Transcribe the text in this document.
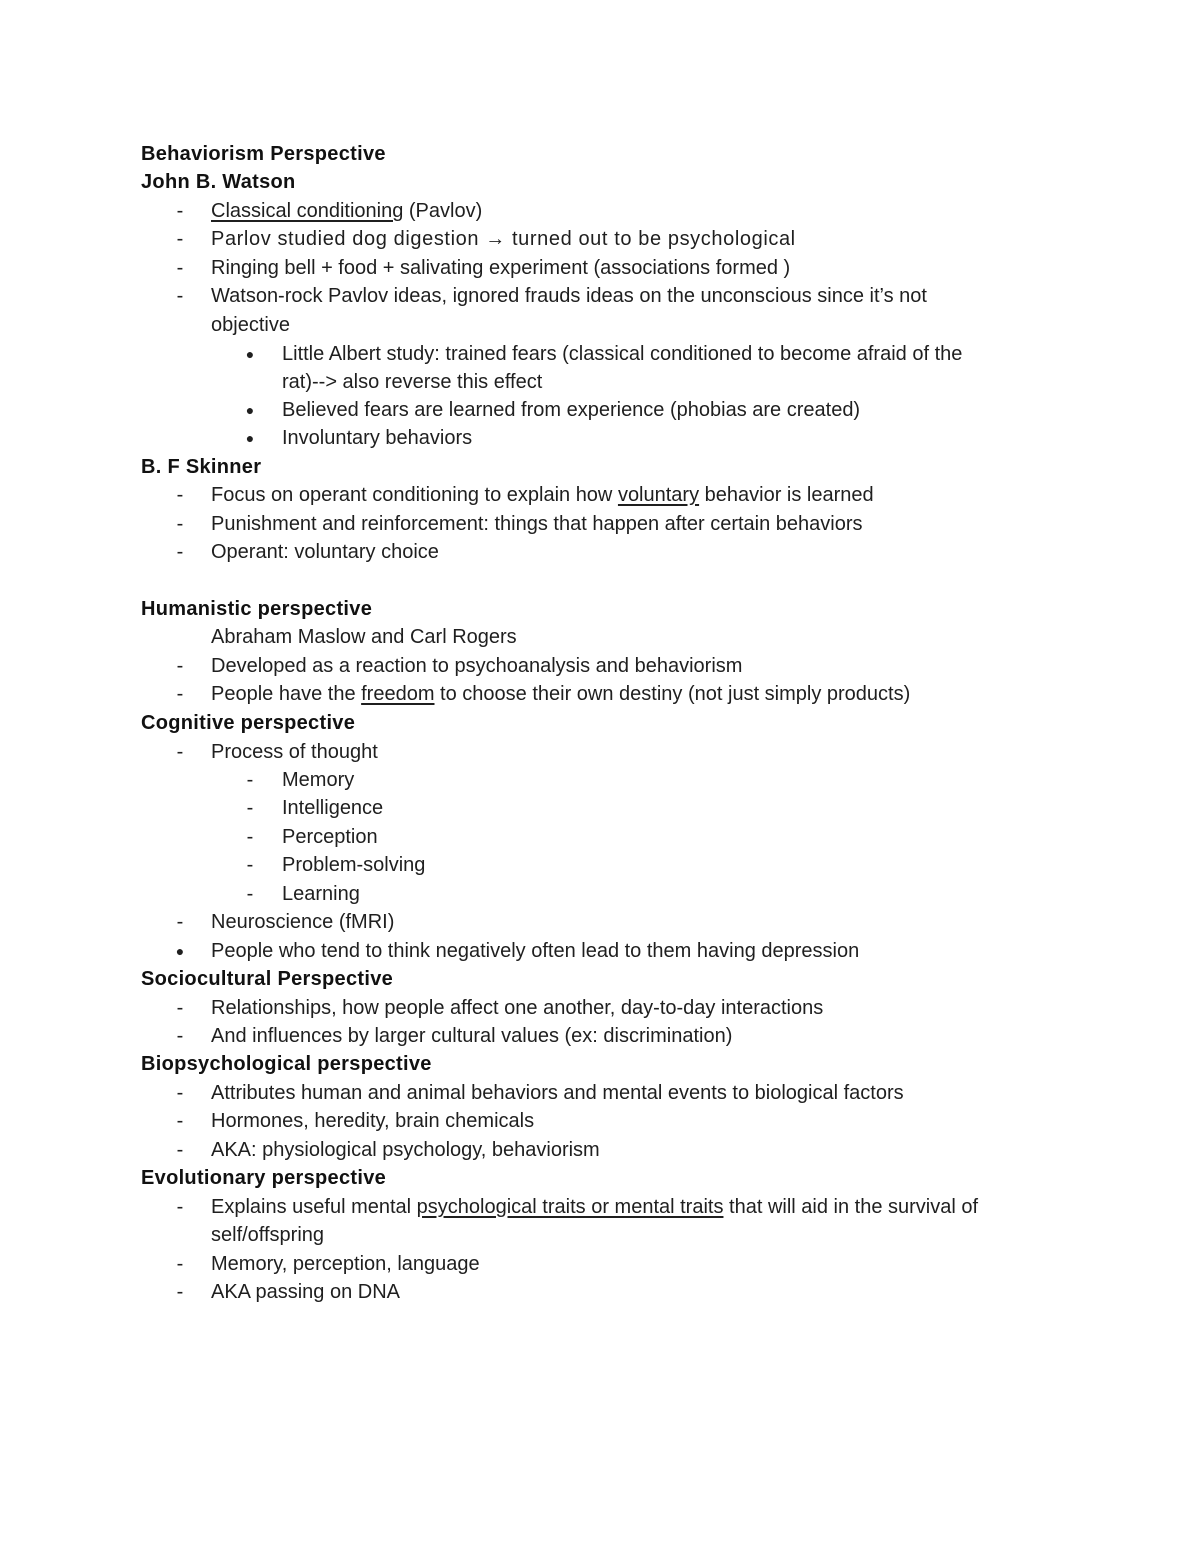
Behaviorism Perspective
John B. Watson
-	Classical conditioning (Pavlov)
-	Parlov studied dog digestion → turned out to be psychological
-	Ringing bell + food + salivating experiment (associations formed )
-	Watson-rock Pavlov ideas, ignored frauds ideas on the unconscious since it’s not
objective
● Little Albert study: trained fears (classical conditioned to become afraid of the
rat)--> also reverse this effect
● Believed fears are learned from experience (phobias are created)
● Involuntary behaviors
B. F Skinner
-	Focus on operant conditioning to explain how voluntary behavior is learned
-	Punishment and reinforcement: things that happen after certain behaviors
-	Operant: voluntary choice
Humanistic perspective
Abraham Maslow and Carl Rogers
-	Developed as a reaction to psychoanalysis and behaviorism
-	People have the freedom to choose their own destiny (not just simply products)
Cognitive perspective
-	Process of thought
-	Memory
-	Intelligence
-	Perception
-	Problem-solving
-	Learning
-	Neuroscience (fMRI)
● People who tend to think negatively often lead to them having depression
Sociocultural Perspective
-	Relationships, how people affect one another, day-to-day interactions
-	And influences by larger cultural values (ex: discrimination)
Biopsychological perspective
-	Attributes human and animal behaviors and mental events to biological factors
-	Hormones, heredity, brain chemicals
-	AKA: physiological psychology, behaviorism
Evolutionary perspective
-	Explains useful mental psychological traits or mental traits that will aid in the survival of
self/offspring
-	Memory, perception, language
-	AKA passing on DNA
